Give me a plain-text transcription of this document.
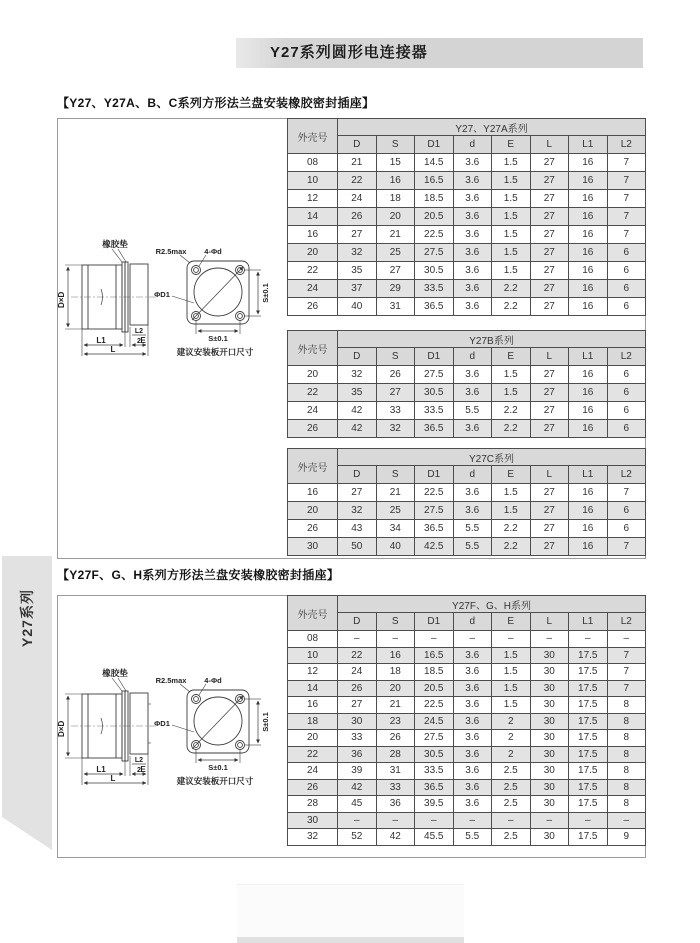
Y27系列圆形电连接器
Y27系列
【Y27、Y27A、B、C系列方形法兰盘安装橡胶密封插座】
橡胶垫
D×D
R2.5max 4-Φd
ΦD1	S±0.1
S±0.1
L2
2
L1	E
L	建议安装板开口尺寸
外壳号	Y27、Y27A系列							
	D	S	D1	d	E	L	L1	L2
08	21	15	14.5	3.6	1.5	27	16	7
10	22	16	16.5	3.6	1.5	27	16	7
12	24	18	18.5	3.6	1.5	27	16	7
14	26	20	20.5	3.6	1.5	27	16	7
16	27	21	22.5	3.6	1.5	27	16	7
20	32	25	27.5	3.6	1.5	27	16	6
22	35	27	30.5	3.6	1.5	27	16	6
24	37	29	33.5	3.6	2.2	27	16	6
26	40	31	36.5	3.6	2.2	27	16	6
外壳号	Y27B系列							
	D	S	D1	d	E	L	L1	L2
20	32	26	27.5	3.6	1.5	27	16	6
22	35	27	30.5	3.6	1.5	27	16	6
24	42	33	33.5	5.5	2.2	27	16	6
26	42	32	36.5	3.6	2.2	27	16	6
外壳号	Y27C系列							
	D	S	D1	d	E	L	L1	L2
16	27	21	22.5	3.6	1.5	27	16	7
20	32	25	27.5	3.6	1.5	27	16	6
26	43	34	36.5	5.5	2.2	27	16	6
30	50	40	42.5	5.5	2.2	27	16	7
【Y27F、G、H系列方形法兰盘安装橡胶密封插座】
橡胶垫
D×D
R2.5max 4-Φd
ΦD1	S±0.1
S±0.1
L2
2
L1	E
L	建议安装板开口尺寸
外壳号	Y27F、G、H系列							
	D	S	D1	d	E	L	L1	L2
08	–	–	–	–	–	–	–	–
10	22	16	16.5	3.6	1.5	30	17.5	7
12	24	18	18.5	3.6	1.5	30	17.5	7
14	26	20	20.5	3.6	1.5	30	17.5	7
16	27	21	22.5	3.6	1.5	30	17.5	8
18	30	23	24.5	3.6	2	30	17.5	8
20	33	26	27.5	3.6	2	30	17.5	8
22	36	28	30.5	3.6	2	30	17.5	8
24	39	31	33.5	3.6	2.5	30	17.5	8
26	42	33	36.5	3.6	2.5	30	17.5	8
28	45	36	39.5	3.6	2.5	30	17.5	8
30	–	–	–	–	–	–	–	–
32	52	42	45.5	5.5	2.5	30	17.5	9
